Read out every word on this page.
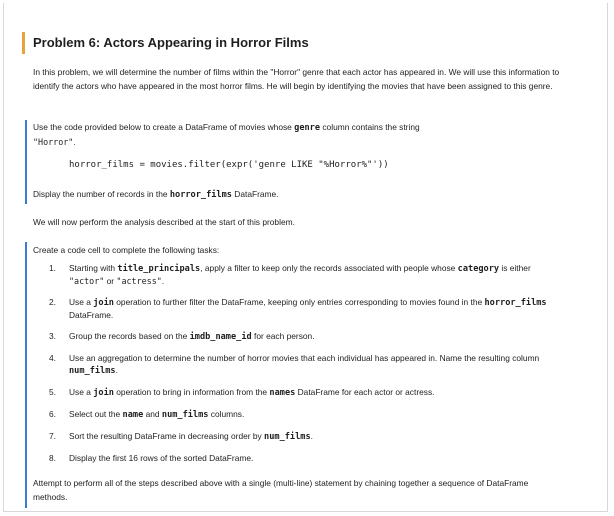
Problem 6: Actors Appearing in Horror Films

In this problem, we will determine the number of films within the "Horror" genre that each actor has appeared in. We will use this information to identify the actors who have appeared in the most horror films. He will begin by identifying the movies that have been assigned to this genre.

Use the code provided below to create a DataFrame of movies whose genre column contains the string
"Horror".

horror_films = movies.filter(expr('genre LIKE "%Horror%"'))

Display the number of records in the horror_films DataFrame.

We will now perform the analysis described at the start of this problem.

Create a code cell to complete the following tasks:

1. Starting with title_principals, apply a filter to keep only the records associated with people whose category is either "actor" or "actress".
2. Use a join operation to further filter the DataFrame, keeping only entries corresponding to movies found in the horror_films DataFrame.
3. Group the records based on the imdb_name_id for each person.
4. Use an aggregation to determine the number of horror movies that each individual has appeared in. Name the resulting column num_films.
5. Use a join operation to bring in information from the names DataFrame for each actor or actress.
6. Select out the name and num_films columns.
7. Sort the resulting DataFrame in decreasing order by num_films.
8. Display the first 16 rows of the sorted DataFrame.

Attempt to perform all of the steps described above with a single (multi-line) statement by chaining together a sequence of DataFrame methods.
